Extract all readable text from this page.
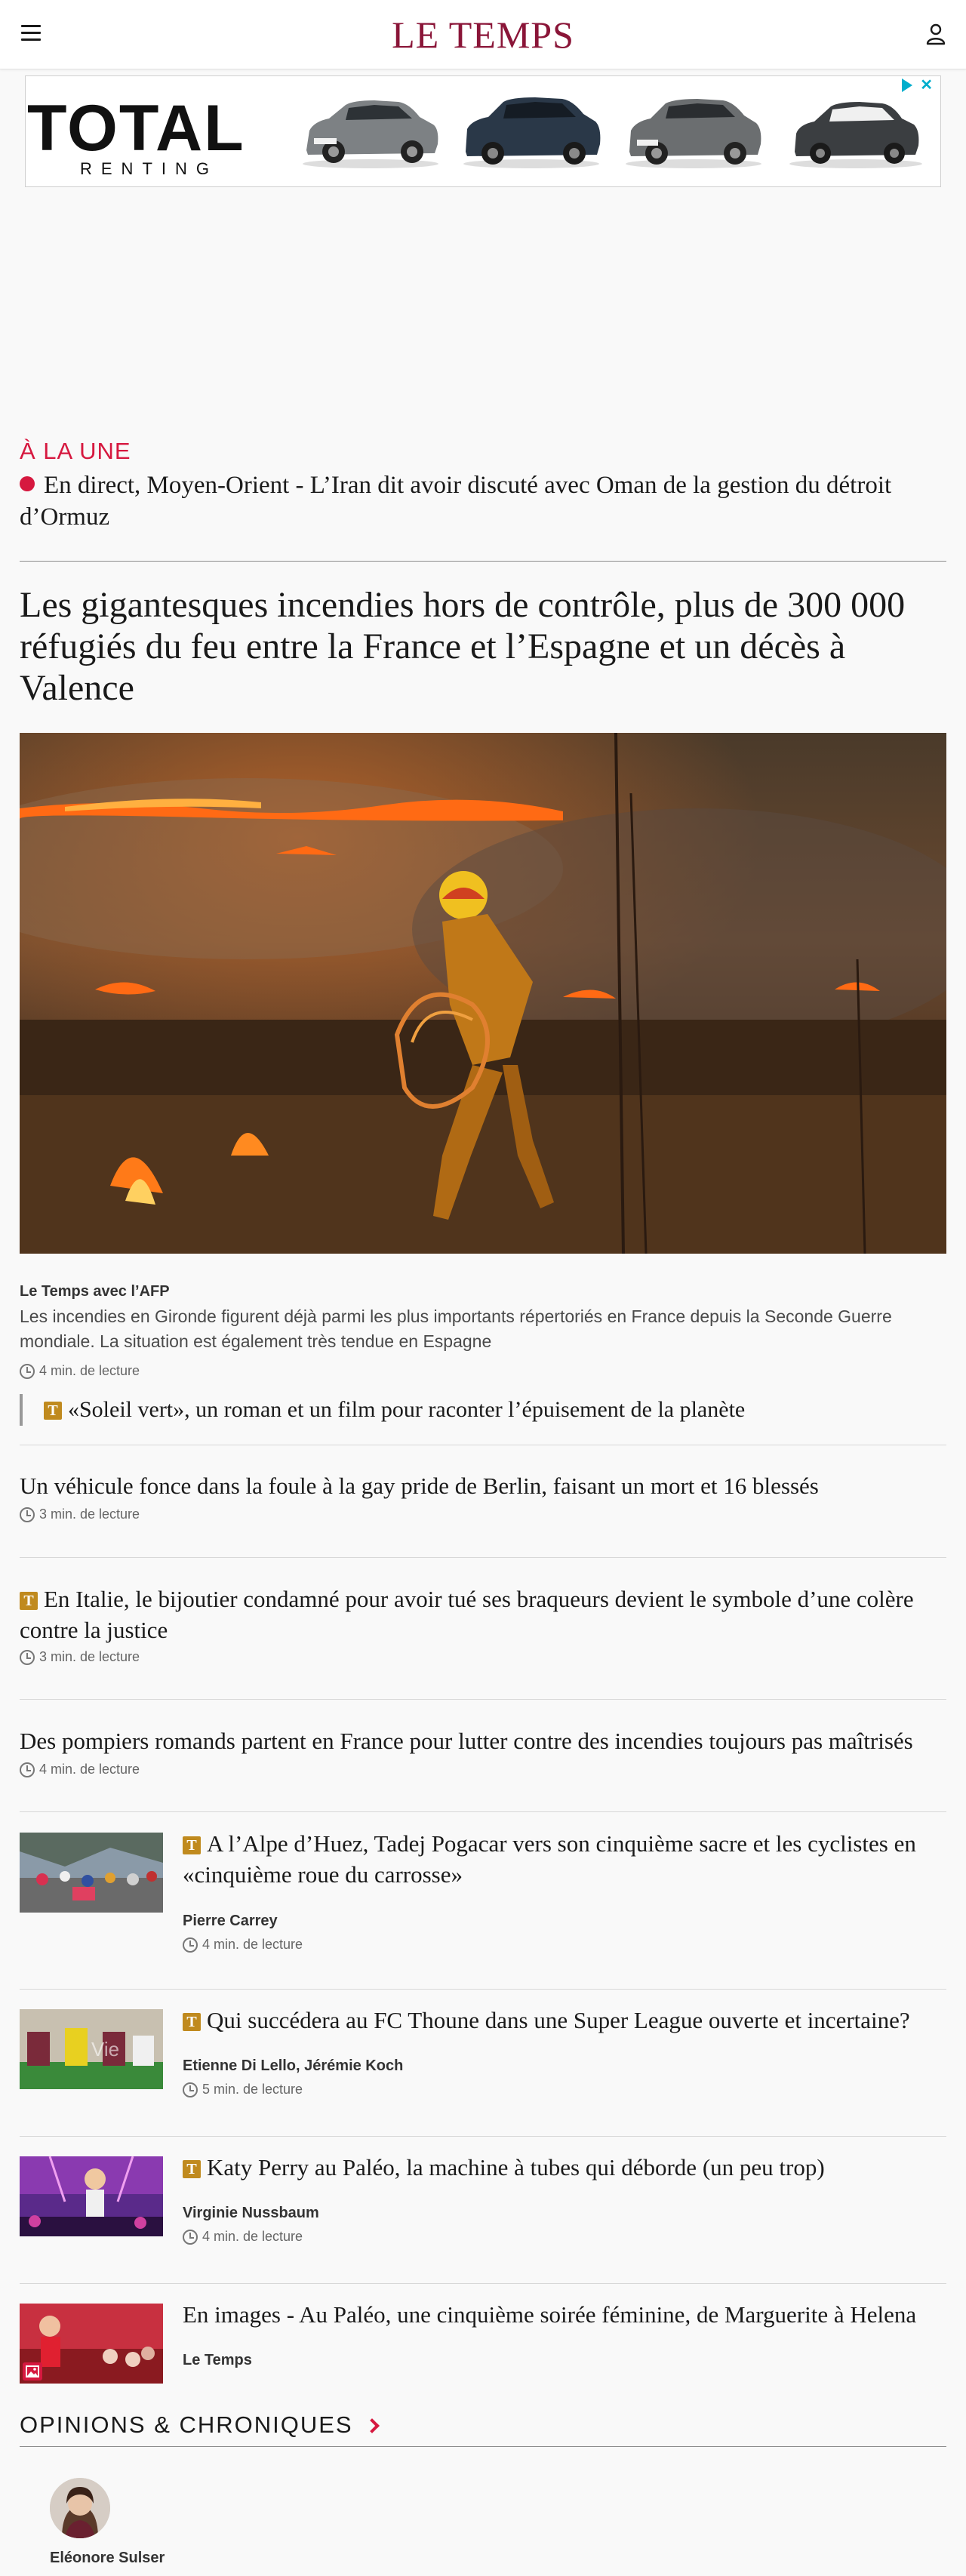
LE TEMPS
TOTAL
RENTING
✕
À LA UNE
En direct, Moyen-Orient - L’Iran dit avoir discuté avec Oman de la gestion du détroit d’Ormuz
Les gigantesques incendies hors de contrôle, plus de 300 000 réfugiés du feu entre la France et l’Espagne et un décès à Valence
Le Temps avec l’AFP
Les incendies en Gironde figurent déjà parmi les plus importants répertoriés en France depuis la Seconde Guerre mondiale. La situation est également très tendue en Espagne
4 min. de lecture
T «Soleil vert», un roman et un film pour raconter l’épuisement de la planète
Un véhicule fonce dans la foule à la gay pride de Berlin, faisant un mort et 16 blessés
3 min. de lecture
T En Italie, le bijoutier condamné pour avoir tué ses braqueurs devient le symbole d’une colère contre la justice
3 min. de lecture
Des pompiers romands partent en France pour lutter contre des incendies toujours pas maîtrisés
4 min. de lecture
T A l’Alpe d’Huez, Tadej Pogacar vers son cinquième sacre et les cyclistes en «cinquième roue du carrosse»
Pierre Carrey
4 min. de lecture
Vie
T Qui succédera au FC Thoune dans une Super League ouverte et incertaine?
Etienne Di Lello, Jérémie Koch
5 min. de lecture
T Katy Perry au Paléo, la machine à tubes qui déborde (un peu trop)
Virginie Nussbaum
4 min. de lecture
En images - Au Paléo, une cinquième soirée féminine, de Marguerite à Helena
Le Temps
OPINIONS & CHRONIQUES
Eléonore Sulser
